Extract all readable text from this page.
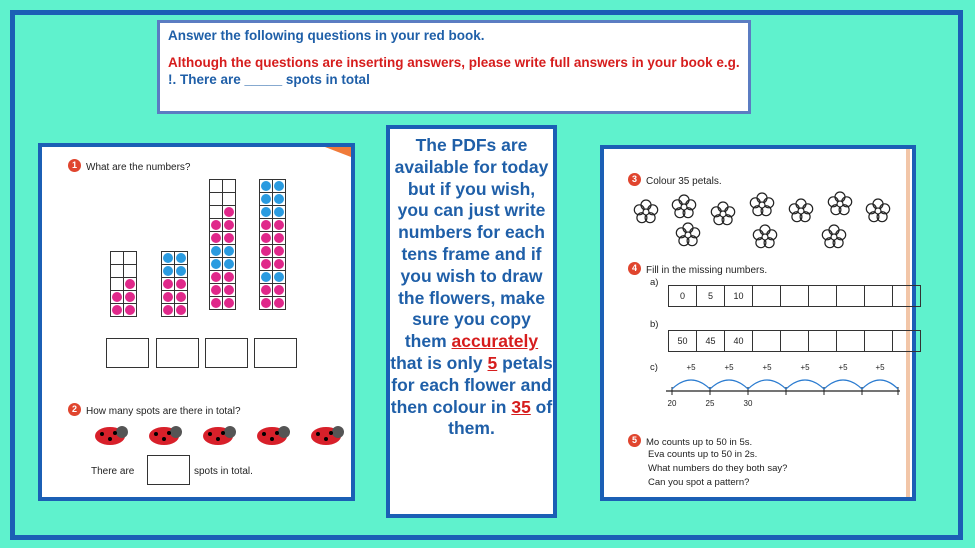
Answer the following questions in your red book.
Although the questions are inserting answers, please write full answers in your book e.g.
!. There are _____ spots in total
1 What are the numbers?
2 How many spots are there in total?
There are	spots in total.
The PDFs are available for today but if you wish, you can just write numbers for each tens frame and if you wish to draw the flowers, make sure you copy them accurately that is only 5 petals for each flower and then colour in 35 of them.
3 Colour 35 petals.
4 Fill in the missing numbers.
a)
0	5	10
b)
50	45	40
c)	+5	+5	+5	+5	+5	+5
20	25	30
5 Mo counts up to 50 in 5s.
Eva counts up to 50 in 2s.
What numbers do they both say?
Can you spot a pattern?
